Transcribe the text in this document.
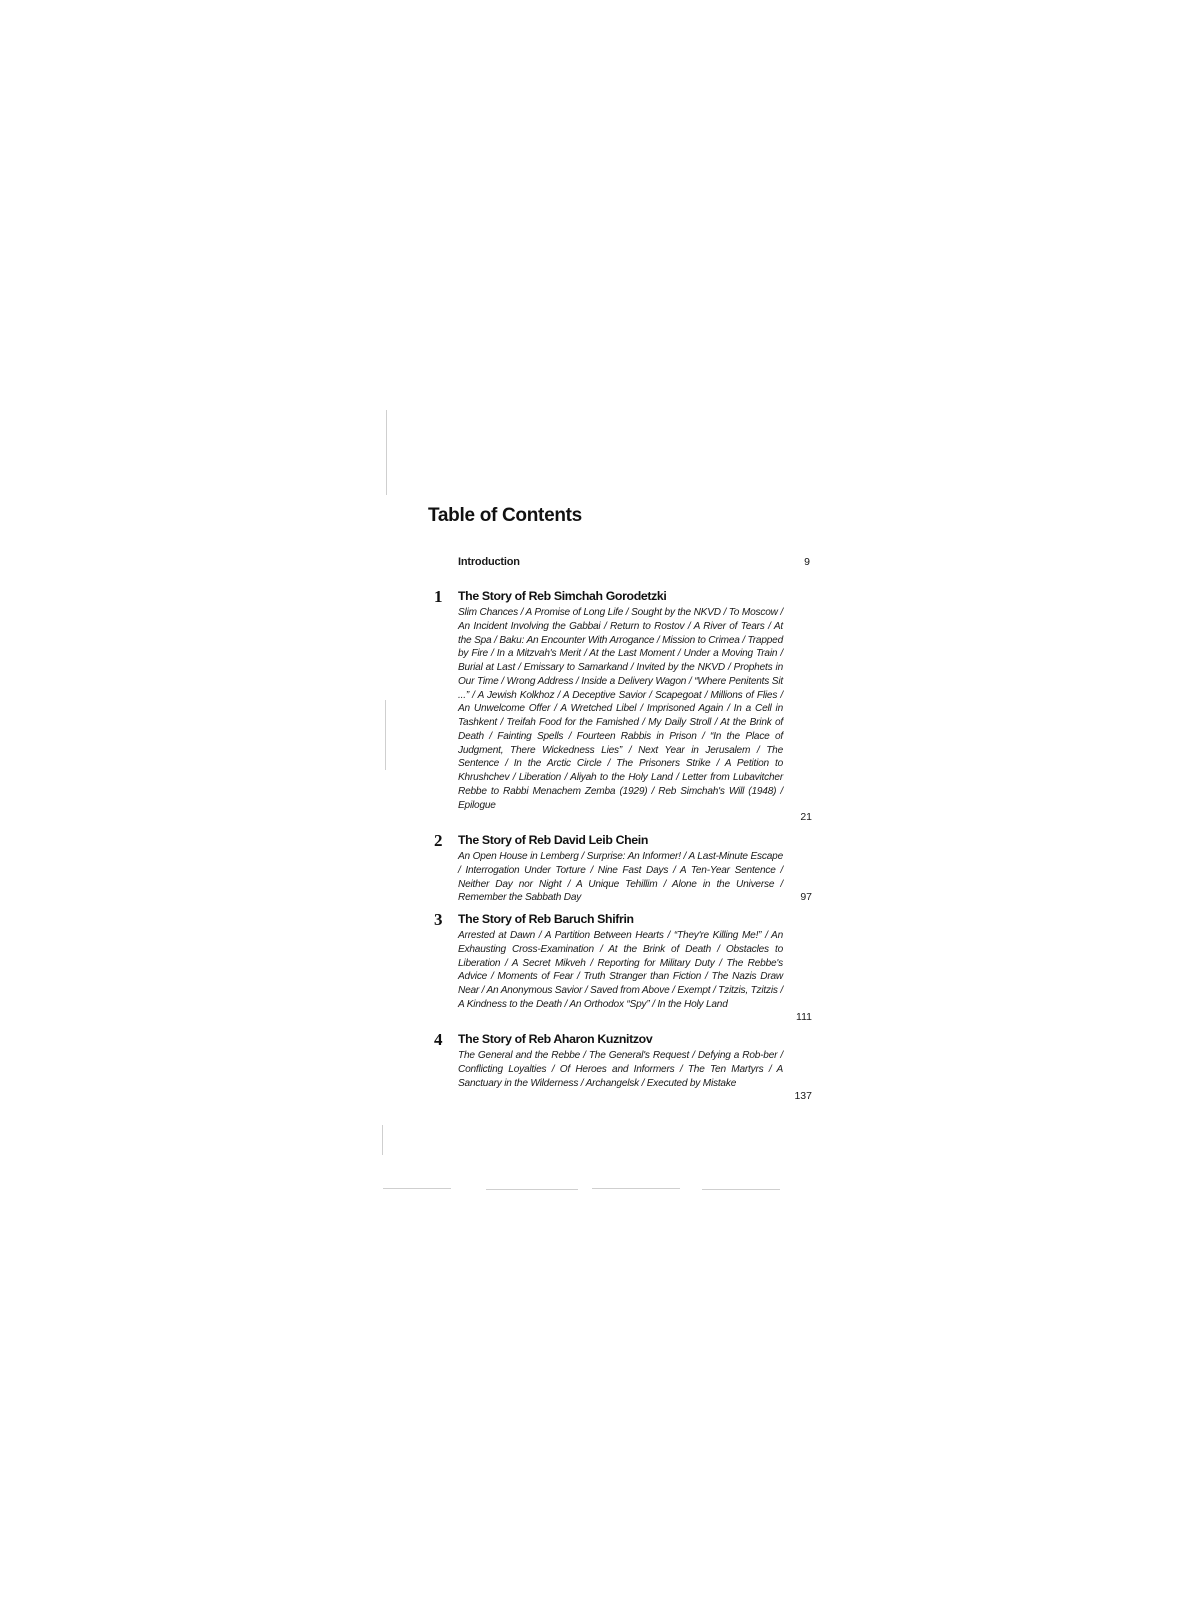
Table of Contents
Introduction	9
1 The Story of Reb Simchah Gorodetzki
Slim Chances / A Promise of Long Life / Sought by the NKVD / To Moscow / An Incident Involving the Gabbai / Return to Rostov / A River of Tears / At the Spa / Baku: An Encounter With Arrogance / Mission to Crimea / Trapped by Fire / In a Mitzvah's Merit / At the Last Moment / Under a Moving Train / Burial at Last / Emissary to Samarkand / Invited by the NKVD / Prophets in Our Time / Wrong Address / Inside a Delivery Wagon / “Where Penitents Sit ...” / A Jewish Kolkhoz / A Deceptive Savior / Scapegoat / Millions of Flies / An Unwelcome Offer / A Wretched Libel / Imprisoned Again / In a Cell in Tashkent / Treifah Food for the Famished / My Daily Stroll / At the Brink of Death / Fainting Spells / Fourteen Rabbis in Prison / “In the Place of Judgment, There Wickedness Lies” / Next Year in Jerusalem / The Sentence / In the Arctic Circle / The Prisoners Strike / A Petition to Khrushchev / Liberation / Aliyah to the Holy Land / Letter from Lubavitcher Rebbe to Rabbi Menachem Zemba (1929) / Reb Simchah's Will (1948) / Epilogue
21
2 The Story of Reb David Leib Chein
An Open House in Lemberg / Surprise: An Informer! / A Last-Minute Escape / Interrogation Under Torture / Nine Fast Days / A Ten-Year Sentence / Neither Day nor Night / A Unique Tehillim / Alone in the Universe / Remember the Sabbath Day	97
3 The Story of Reb Baruch Shifrin
Arrested at Dawn / A Partition Between Hearts / “They're Killing Me!” / An Exhausting Cross-Examination / At the Brink of Death / Obstacles to Liberation / A Secret Mikveh / Reporting for Military Duty / The Rebbe's Advice / Moments of Fear / Truth Stranger than Fiction / The Nazis Draw Near / An Anonymous Savior / Saved from Above / Exempt / Tzitzis, Tzitzis / A Kindness to the Death / An Orthodox “Spy” / In the Holy Land
111
4 The Story of Reb Aharon Kuznitzov
The General and the Rebbe / The General's Request / Defying a Rob-ber / Conflicting Loyalties / Of Heroes and Informers / The Ten Martyrs / A Sanctuary in the Wilderness / Archangelsk / Executed by Mistake
137
